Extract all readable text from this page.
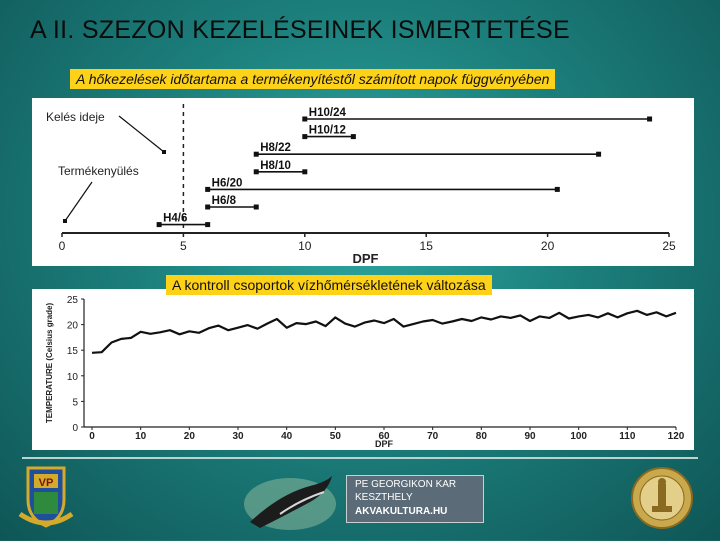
A II. SZEZON KEZELÉSEINEK ISMERTETÉSE
0	5	10	15	20	25
DPF
H10/24
H10/12
H8/22
H8/10
H6/20
H6/8
H4/6
Kelés ideje
Termékenyülés
A hőkezelések időtartama a termékenyítéstől számított napok függvényében
0
5
10
15
20
25
0	10	20	30	40	50	60	70	80	90	100	110	120
DPF
TEMPERATURE (Celsius grade)
A kontroll csoportok vízhőmérsékletének változása
VP	PE GEORGIKON KAR
KESZTHELY
AKVAKULTURA.HU
